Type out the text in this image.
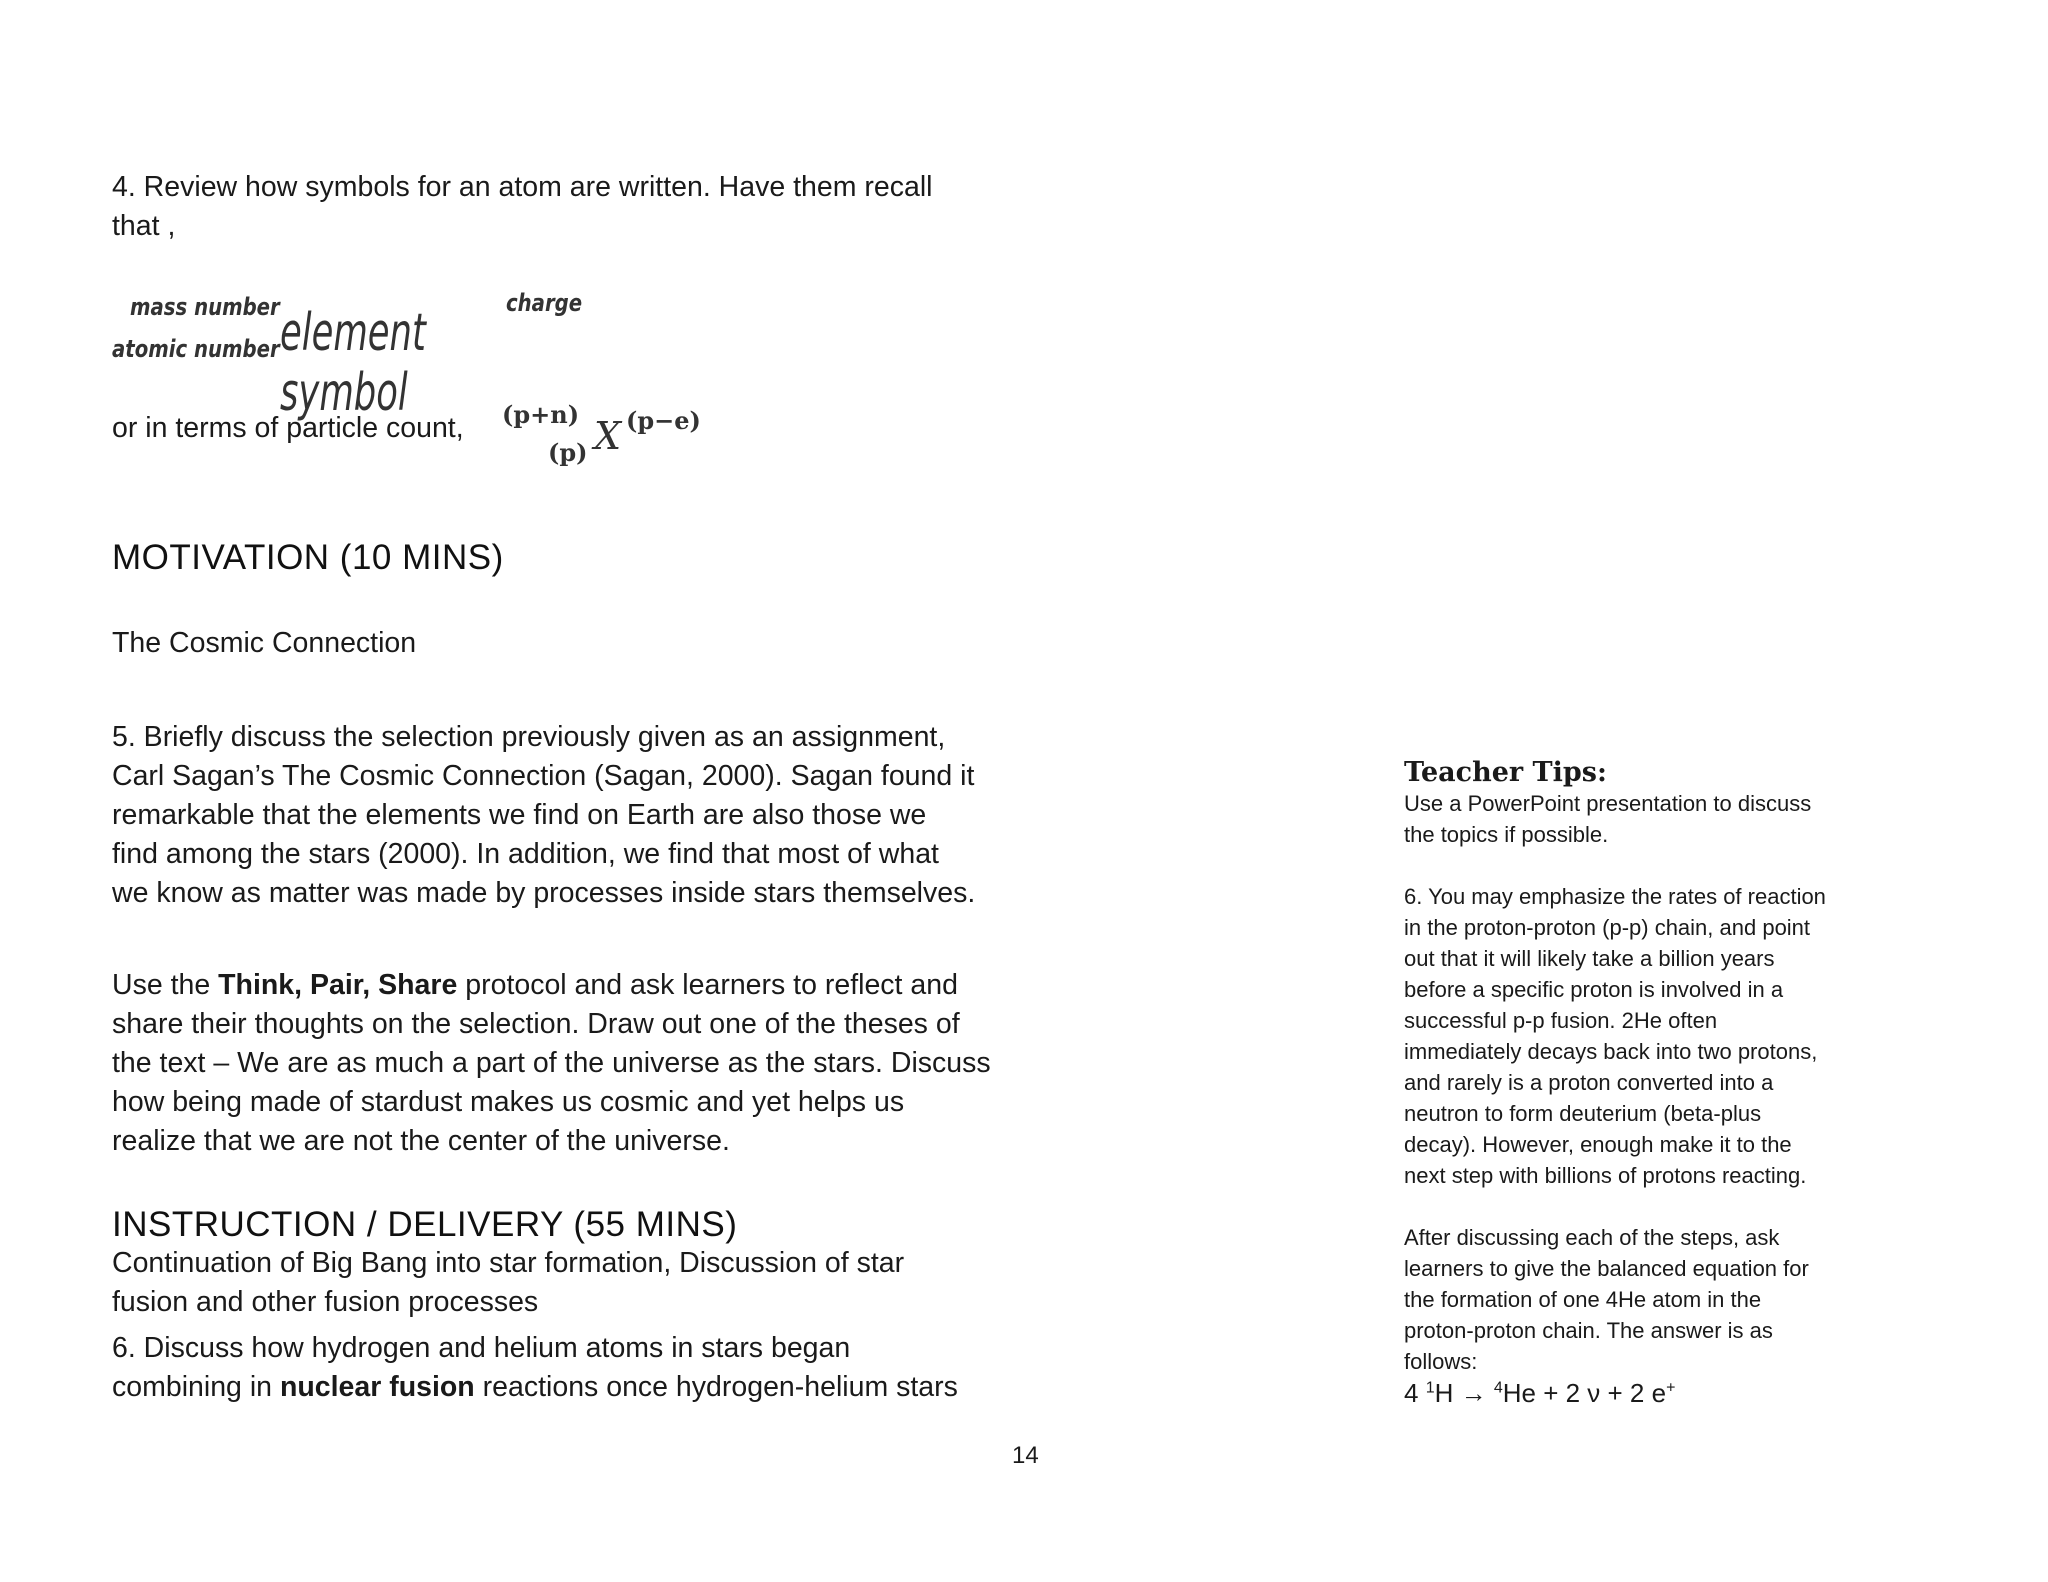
4. Review how symbols for an atom are written. Have them recall

that ,

mass number
atomic number element symbol
charge

or in terms of particle count, (p+n)
(p) X (p−e)
MOTIVATION (10 MINS)

The Cosmic Connection

5. Briefly discuss the selection previously given as an assignment,

Carl Sagan’s The Cosmic Connection (Sagan, 2000). Sagan found it

remarkable that the elements we find on Earth are also those we

find among the stars (2000). In addition, we find that most of what

we know as matter was made by processes inside stars themselves.

Use the Think, Pair, Share protocol and ask learners to reflect and

share their thoughts on the selection. Draw out one of the theses of

the text – We are as much a part of the universe as the stars. Discuss

how being made of stardust makes us cosmic and yet helps us

realize that we are not the center of the universe.

INSTRUCTION / DELIVERY (55 MINS)

Continuation of Big Bang into star formation, Discussion of star

fusion and other fusion processes

6. Discuss how hydrogen and helium atoms in stars began

combining in nuclear fusion reactions once hydrogen-helium stars

14
Teacher Tips:

Use a PowerPoint presentation to discuss

the topics if possible.

6. You may emphasize the rates of reaction

in the proton-proton (p-p) chain, and point

out that it will likely take a billion years

before a specific proton is involved in a

successful p-p fusion. 2He often

immediately decays back into two protons,

and rarely is a proton converted into a

neutron to form deuterium (beta-plus

decay). However, enough make it to the

next step with billions of protons reacting.

After discussing each of the steps, ask

learners to give the balanced equation for

the formation of one 4He atom in the

proton-proton chain. The answer is as

follows:

4 $^1$H → $^4$He + 2 ν + 2 e+
